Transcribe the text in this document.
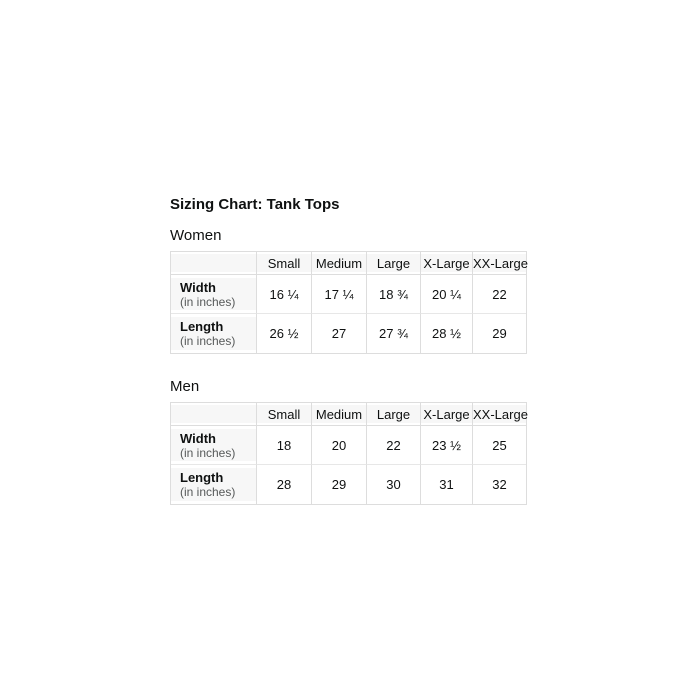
Sizing Chart: Tank Tops
Women
	Small	Medium	Large	X-Large	XX-Large

Width
(in inches)	16 ¼	17 ¼	18 ¾	20 ¼	22

Length
(in inches)	26 ½	27	27 ¾	28 ½	29
Men
	Small	Medium	Large	X-Large	XX-Large

Width
(in inches)	18	20	22	23 ½	25

Length
(in inches)	28	29	30	31	32
